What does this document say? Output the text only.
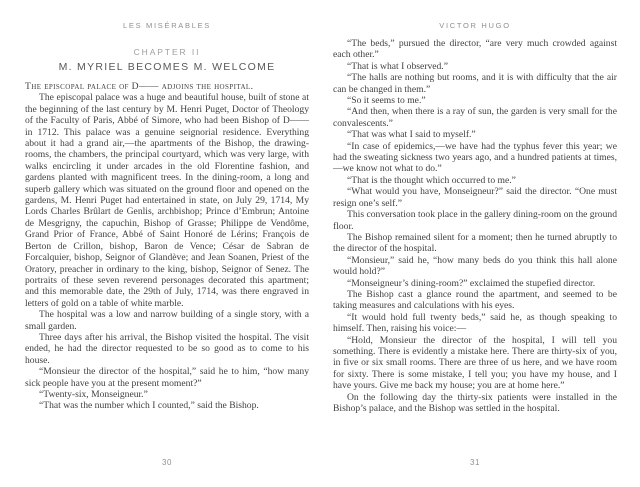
LES MISÉRABLES
CHAPTER II
M. MYRIEL BECOMES M. WELCOME

The episcopal palace of D—— adjoins the hospital.

The episcopal palace was a huge and beautiful house, built of stone at the beginning of the last century by M. Henri Puget, Doctor of Theology of the Faculty of Paris, Abbé of Simore, who had been Bishop of D—— in 1712. This palace was a genuine seignorial residence. Everything about it had a grand air,—the apartments of the Bishop, the drawing-rooms, the chambers, the principal courtyard, which was very large, with walks encircling it under arcades in the old Florentine fashion, and gardens planted with magnificent trees. In the dining-room, a long and superb gallery which was situated on the ground floor and opened on the gardens, M. Henri Puget had entertained in state, on July 29, 1714, My Lords Charles Brûlart de Genlis, archbishop; Prince d’Embrun; Antoine de Mesgrigny, the capuchin, Bishop of Grasse; Philippe de Vendôme, Grand Prior of France, Abbé of Saint Honoré de Lérins; François de Berton de Crillon, bishop, Baron de Vence; César de Sabran de Forcalquier, bishop, Seignor of Glandève; and Jean Soanen, Priest of the Oratory, preacher in ordinary to the king, bishop, Seignor of Senez. The portraits of these seven reverend personages decorated this apartment; and this memorable date, the 29th of July, 1714, was there engraved in letters of gold on a table of white marble.

The hospital was a low and narrow building of a single story, with a small garden.

Three days after his arrival, the Bishop visited the hospital. The visit ended, he had the director requested to be so good as to come to his house.

“Monsieur the director of the hospital,” said he to him, “how many sick people have you at the present moment?”

“Twenty-six, Monseigneur.”

“That was the number which I counted,” said the Bishop.

30
VICTOR HUGO

“The beds,” pursued the director, “are very much crowded against each other.”

“That is what I observed.”

“The halls are nothing but rooms, and it is with difficulty that the air can be changed in them.”

“So it seems to me.”

“And then, when there is a ray of sun, the garden is very small for the convalescents.”

“That was what I said to myself.”

“In case of epidemics,—we have had the typhus fever this year; we had the sweating sickness two years ago, and a hundred patients at times,—we know not what to do.”

“That is the thought which occurred to me.”

“What would you have, Monseigneur?” said the director. “One must resign one’s self.”

This conversation took place in the gallery dining-room on the ground floor.

The Bishop remained silent for a moment; then he turned abruptly to the director of the hospital.

“Monsieur,” said he, “how many beds do you think this hall alone would hold?”

“Monseigneur’s dining-room?” exclaimed the stupefied director.

The Bishop cast a glance round the apartment, and seemed to be taking measures and calculations with his eyes.

“It would hold full twenty beds,” said he, as though speaking to himself. Then, raising his voice:—

“Hold, Monsieur the director of the hospital, I will tell you something. There is evidently a mistake here. There are thirty-six of you, in five or six small rooms. There are three of us here, and we have room for sixty. There is some mistake, I tell you; you have my house, and I have yours. Give me back my house; you are at home here.”

On the following day the thirty-six patients were installed in the Bishop’s palace, and the Bishop was settled in the hospital.

31
